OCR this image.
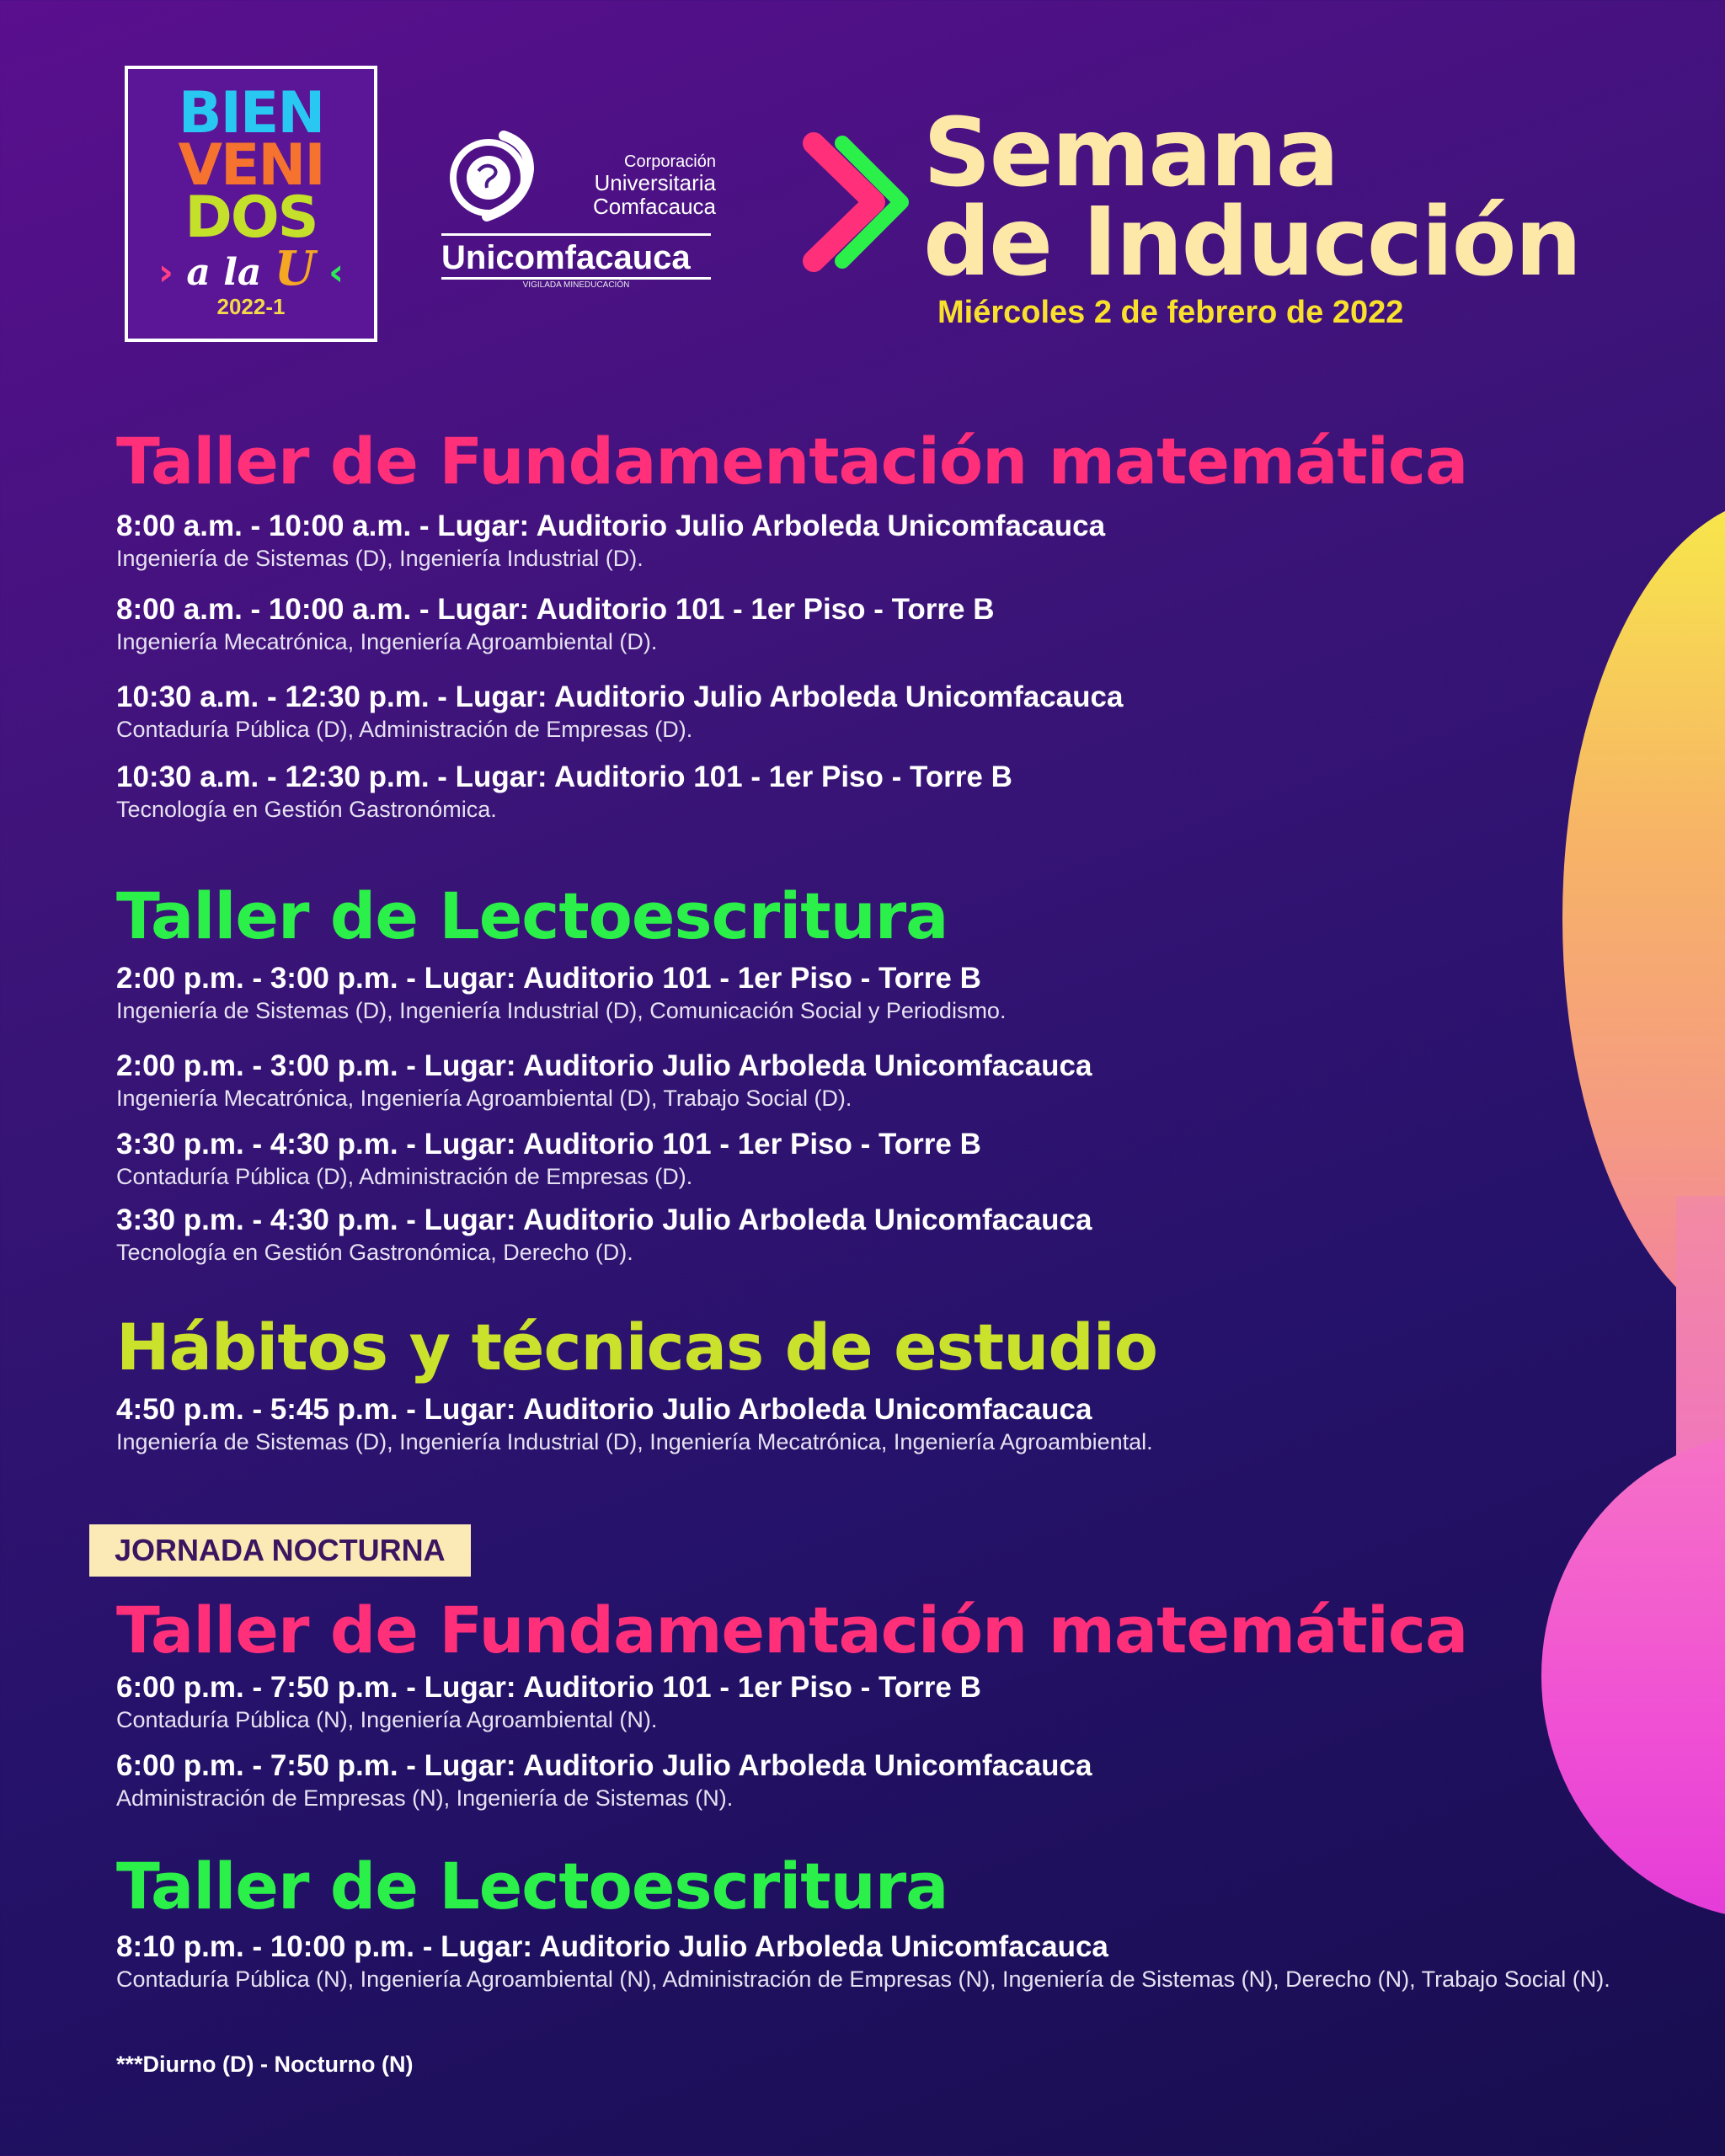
BIEN
VENI
DOS
› a la U ‹
2022-1
Corporación
Universitaria
Comfacauca
Unicomfacauca
VIGILADA MINEDUCACIÓN
Semana
de Inducción
Miércoles 2 de febrero de 2022
Taller de Fundamentación matemática
8:00 a.m. - 10:00 a.m. - Lugar: Auditorio Julio Arboleda Unicomfacauca
Ingeniería de Sistemas (D), Ingeniería Industrial (D).
8:00 a.m. - 10:00 a.m. - Lugar: Auditorio 101 - 1er Piso - Torre B
Ingeniería Mecatrónica, Ingeniería Agroambiental (D).
10:30 a.m. - 12:30 p.m. - Lugar: Auditorio Julio Arboleda Unicomfacauca
Contaduría Pública (D), Administración de Empresas (D).
10:30 a.m. - 12:30 p.m. - Lugar: Auditorio 101 - 1er Piso - Torre B
Tecnología en Gestión Gastronómica.
Taller de Lectoescritura
2:00 p.m. - 3:00 p.m. - Lugar: Auditorio 101 - 1er Piso - Torre B
Ingeniería de Sistemas (D), Ingeniería Industrial (D), Comunicación Social y Periodismo.
2:00 p.m. - 3:00 p.m. - Lugar: Auditorio Julio Arboleda Unicomfacauca
Ingeniería Mecatrónica, Ingeniería Agroambiental (D), Trabajo Social (D).
3:30 p.m. - 4:30 p.m. - Lugar: Auditorio 101 - 1er Piso - Torre B
Contaduría Pública (D), Administración de Empresas (D).
3:30 p.m. - 4:30 p.m. - Lugar: Auditorio Julio Arboleda Unicomfacauca
Tecnología en Gestión Gastronómica, Derecho (D).
Hábitos y técnicas de estudio
4:50 p.m. - 5:45 p.m. - Lugar: Auditorio Julio Arboleda Unicomfacauca
Ingeniería de Sistemas (D), Ingeniería Industrial (D), Ingeniería Mecatrónica, Ingeniería Agroambiental.
JORNADA NOCTURNA
Taller de Fundamentación matemática
6:00 p.m. - 7:50 p.m. - Lugar: Auditorio 101 - 1er Piso - Torre B
Contaduría Pública (N), Ingeniería Agroambiental (N).
6:00 p.m. - 7:50 p.m. - Lugar: Auditorio Julio Arboleda Unicomfacauca
Administración de Empresas (N), Ingeniería de Sistemas (N).
Taller de Lectoescritura
8:10 p.m. - 10:00 p.m. - Lugar: Auditorio Julio Arboleda Unicomfacauca
Contaduría Pública (N), Ingeniería Agroambiental (N), Administración de Empresas (N), Ingeniería de Sistemas (N), Derecho (N), Trabajo Social (N).
***Diurno (D) - Nocturno (N)
